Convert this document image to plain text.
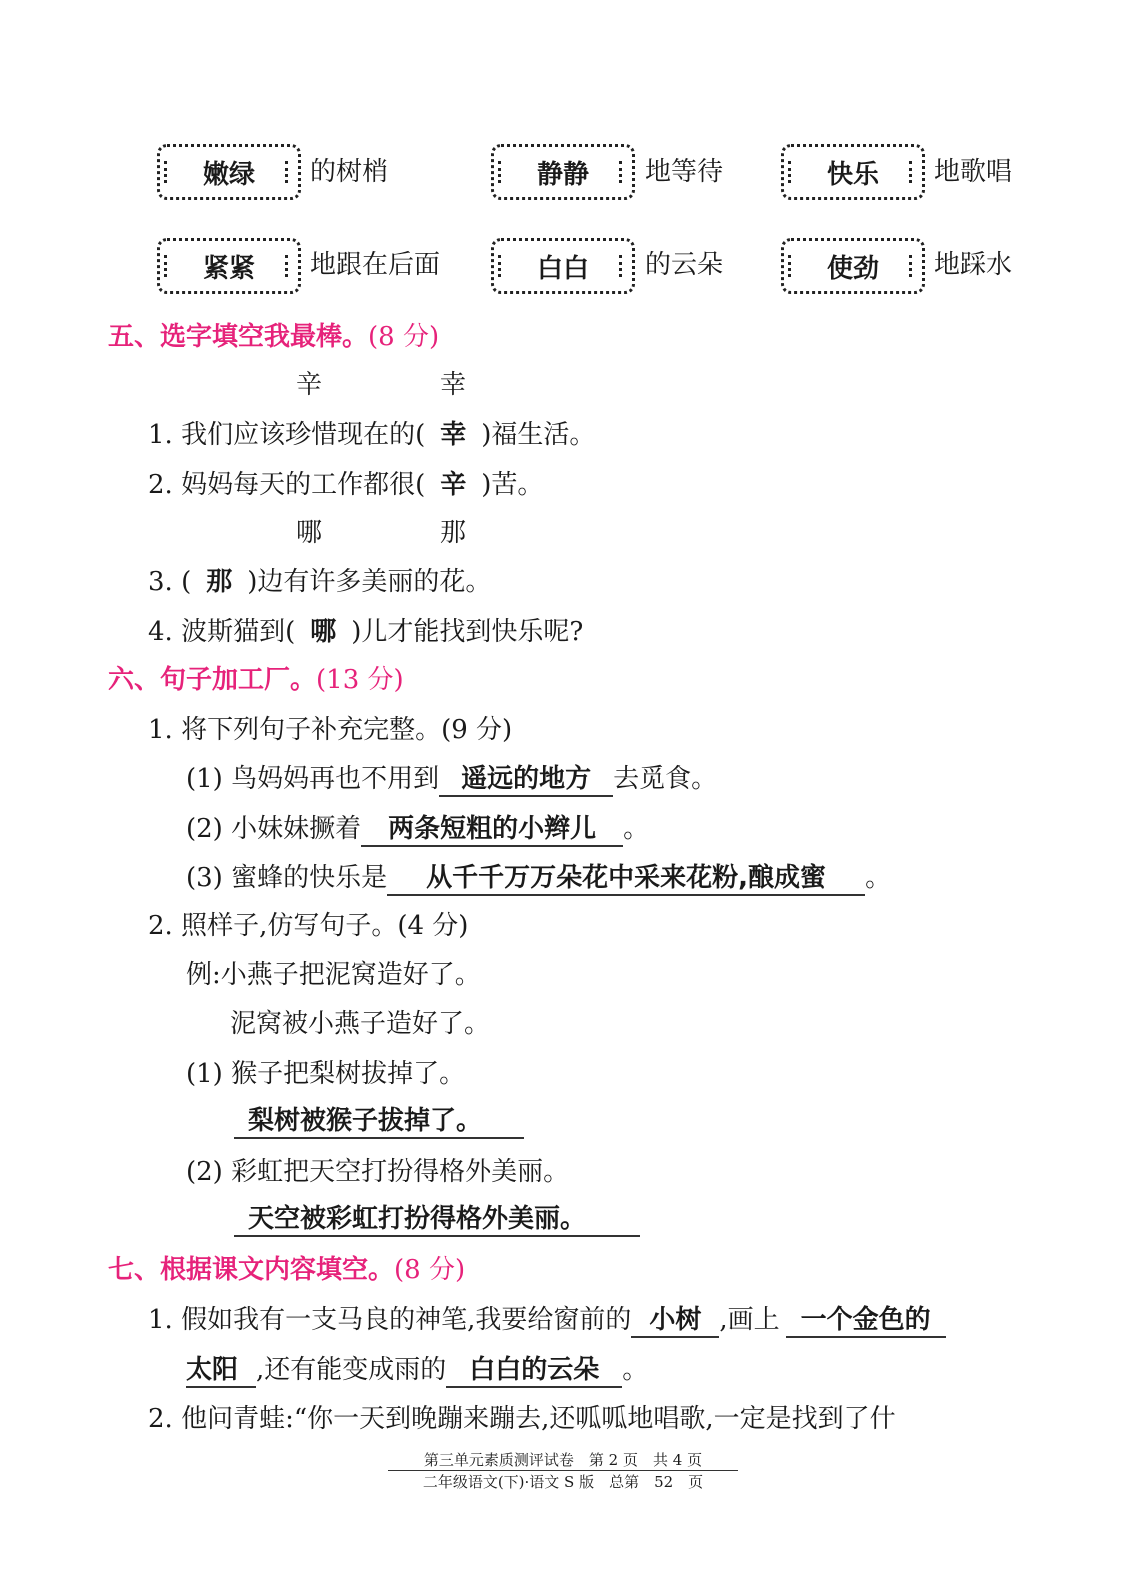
嫩绿 的树梢	静静 地等待	快乐 地歌唱
紧紧 地跟在后面	白白 的云朵	使劲 地踩水
五、选字填空我最棒。(8 分)
辛	幸
1. 我们应该珍惜现在的( 幸 )福生活。
2. 妈妈每天的工作都很( 辛 )苦。
哪	那
3. ( 那 )边有许多美丽的花。
4. 波斯猫到( 哪 )儿才能找到快乐呢?
六、句子加工厂。(13 分)
1. 将下列句子补充完整。(9 分)
(1) 鸟妈妈再也不用到 遥远的地方 去觅食。
(2) 小妹妹撅着 两条短粗的小辫儿 。
(3) 蜜蜂的快乐是 从千千万万朵花中采来花粉,酿成蜜 。
2. 照样子,仿写句子。(4 分)
例:小燕子把泥窝造好了。
泥窝被小燕子造好了。
(1) 猴子把梨树拔掉了。
梨树被猴子拔掉了。
(2) 彩虹把天空打扮得格外美丽。
天空被彩虹打扮得格外美丽。
七、根据课文内容填空。(8 分)
1. 假如我有一支马良的神笔,我要给窗前的 小树 ,画上 一个金色的
太阳 ,还有能变成雨的 白白的云朵 。
2. 他问青蛙:“你一天到晚蹦来蹦去,还呱呱地唱歌,一定是找到了什
第三单元素质测评试卷　第 2 页　共 4 页
二年级语文(下)·语文 S 版　总第　52　页
